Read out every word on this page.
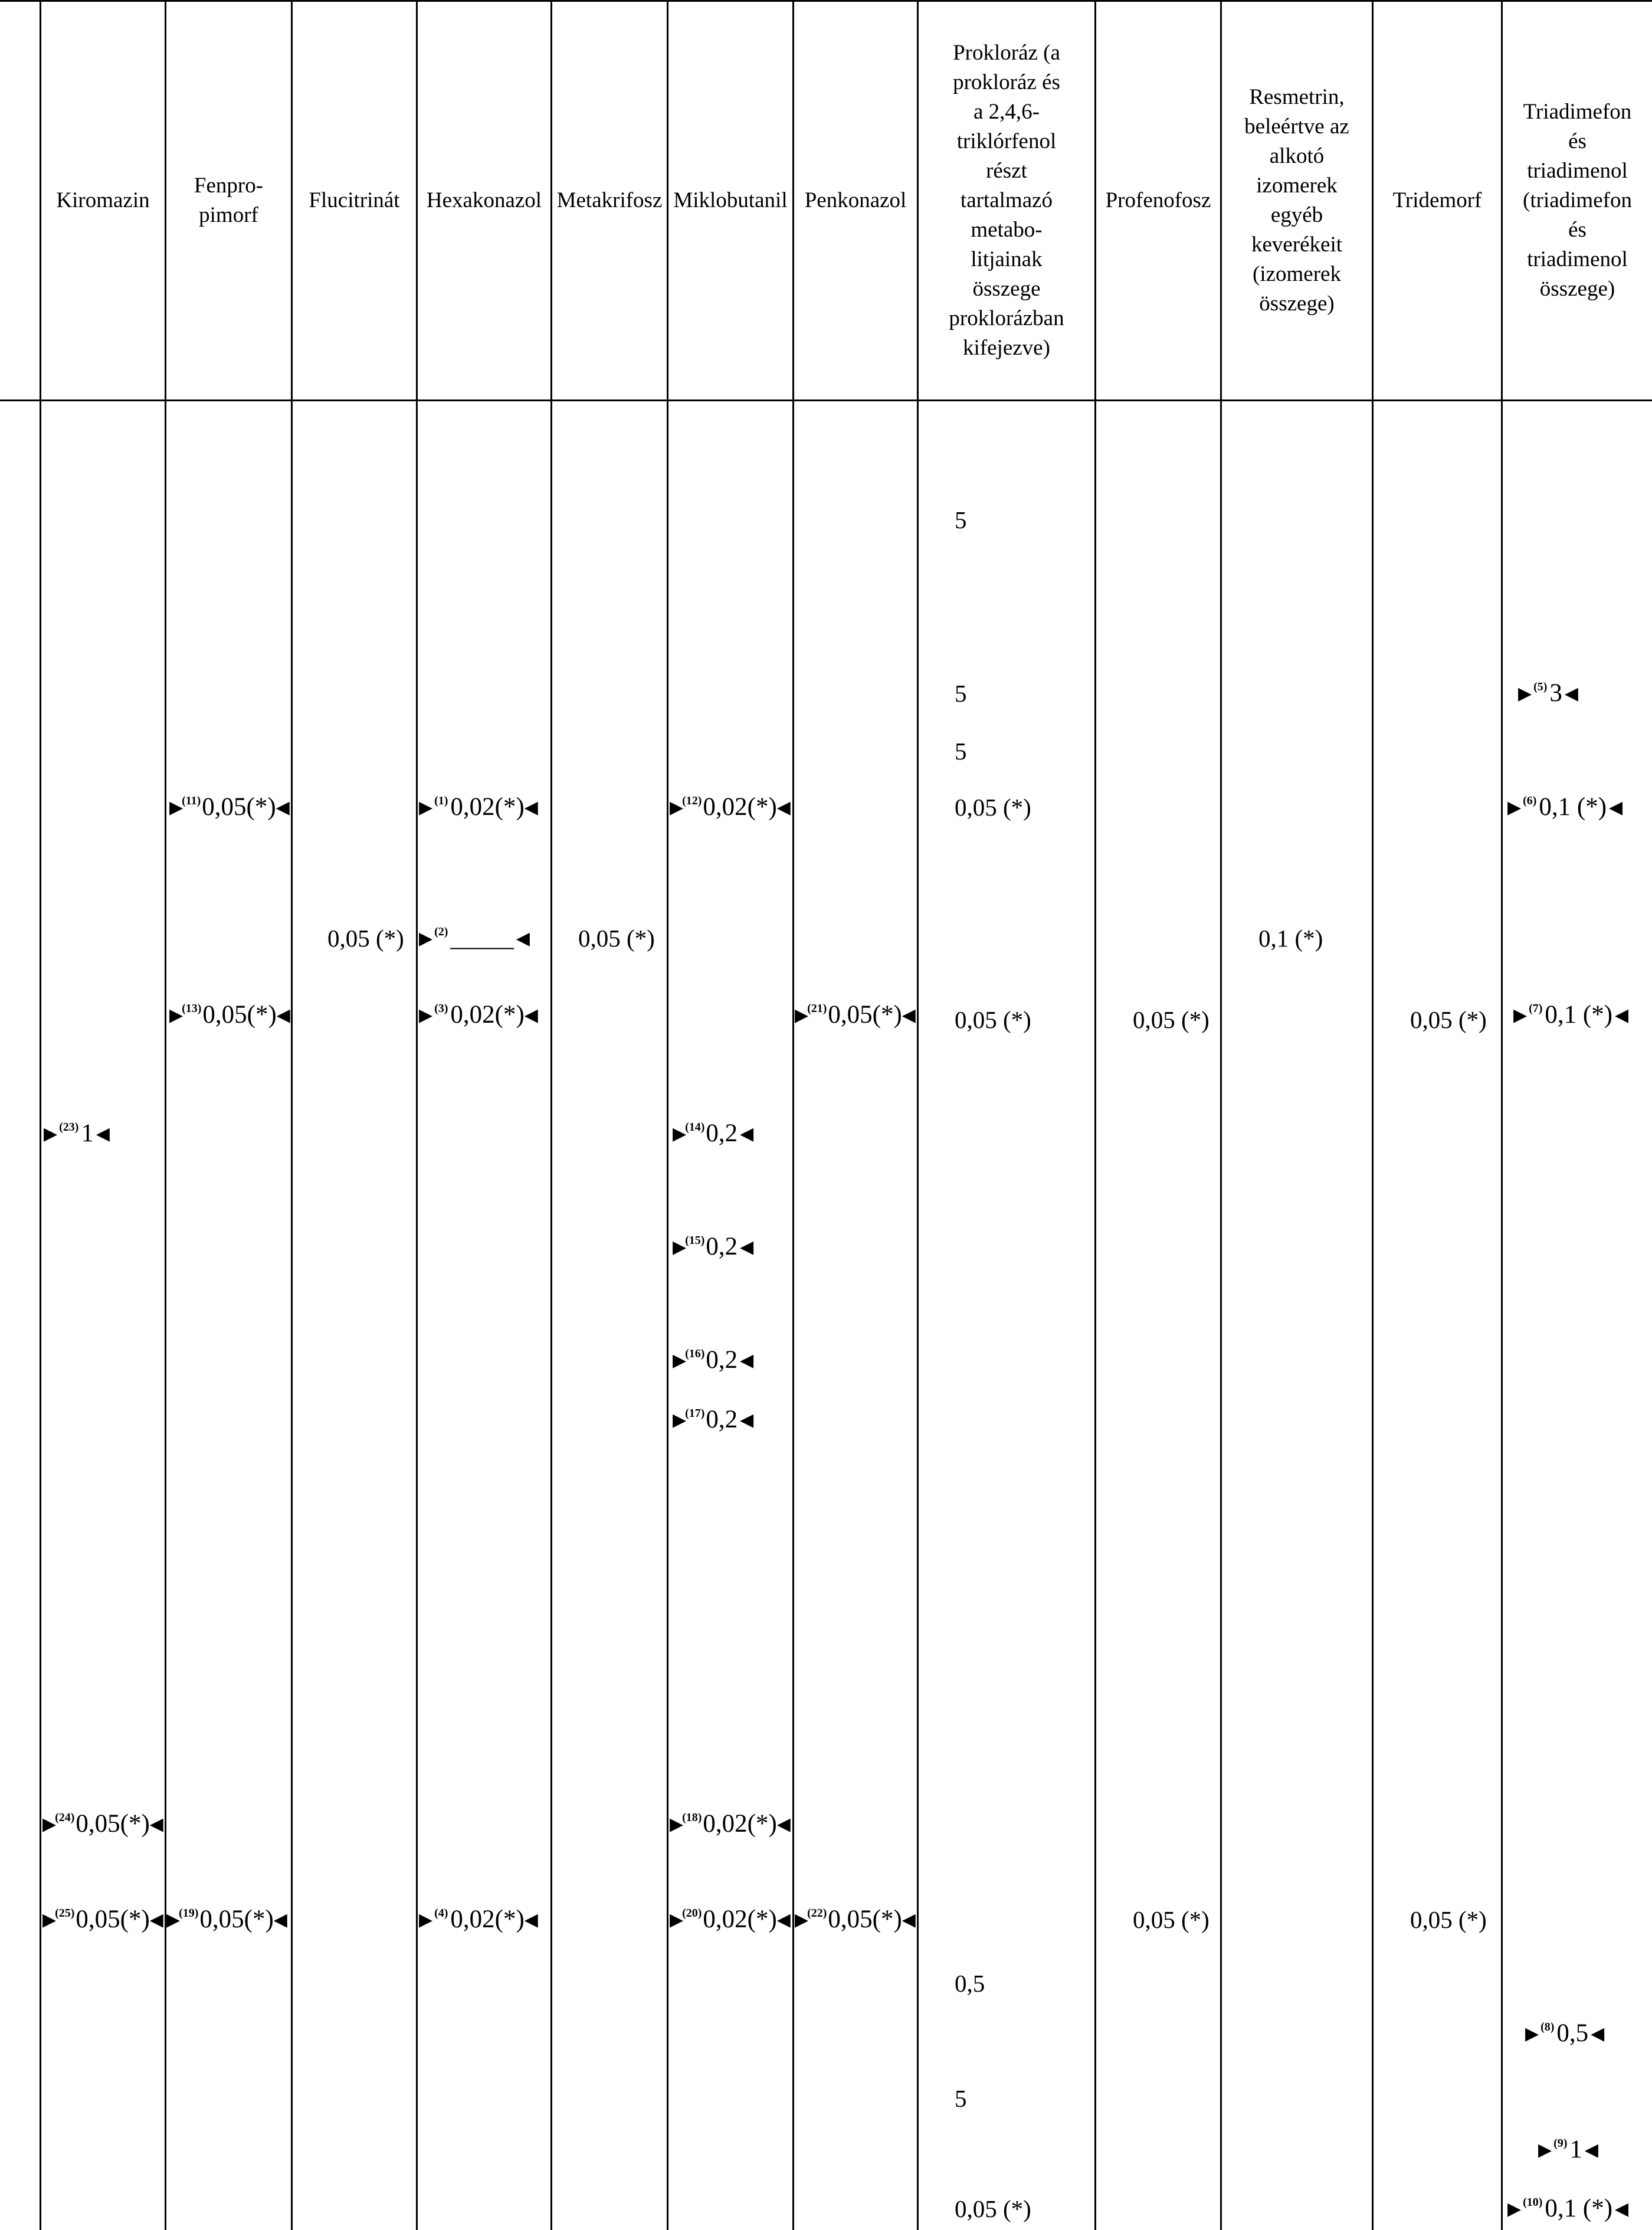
Kiromazin
Fenpro-
pimorf
Flucitrinát Hexakonazol Metakrifosz Miklobutanil Penkonazol
Prokloráz (a
prokloráz és
a 2,4,6-
triklórfenol
részt
tartalmazó
metabo-
litjainak
összege
proklorázban
kifejezve)
Profenofosz
Resmetrin,
beleértve az
alkotó
izomerek
egyéb
keverékeit
(izomerek
összege)
Tridemorf
Triadimefon
és
triadimenol
(triadimefon
és
triadimenol
összege)
▶ $^{(23)}$1 ◀
▶$^{(24)}$0,05(*)◀
▶$^{(25)}$0,05(*)◀
▶$^{(11)}$0,05(*)◀
▶$^{(13)}$0,05(*)◀
▶$^{(19)}$0,05(*)◀
0,05 (*)
▶ $^{(1)}$0,02(*)◀
▶ $^{(2)}$_____ ◀
▶ $^{(3)}$0,02(*)◀
▶ $^{(4)}$0,02(*)◀
0,05 (*)
▶$^{(12)}$0,02(*)◀
▶$^{(14)}$0,2 ◀
▶$^{(15)}$0,2 ◀
▶$^{(16)}$0,2 ◀
▶$^{(17)}$0,2 ◀
▶$^{(18)}$0,02(*)◀
▶$^{(20)}$0,02(*)◀
▶$^{(21)}$0,05(*)◀
▶$^{(22)}$0,05(*)◀
5
5
5
0,05 (*)
0,05 (*)
0,5
5
0,05 (*)
0,05 (*)
0,05 (*)
0,1 (*)
0,05 (*)
0,05 (*)
▶ $^{(5)}$3 ◀
▶ $^{(6)}$0,1 (*) ◀
▶ $^{(7)}$0,1 (*) ◀
▶ $^{(8)}$0,5 ◀
▶ $^{(9)}$1 ◀
▶ $^{(10)}$0,1 (*) ◀
